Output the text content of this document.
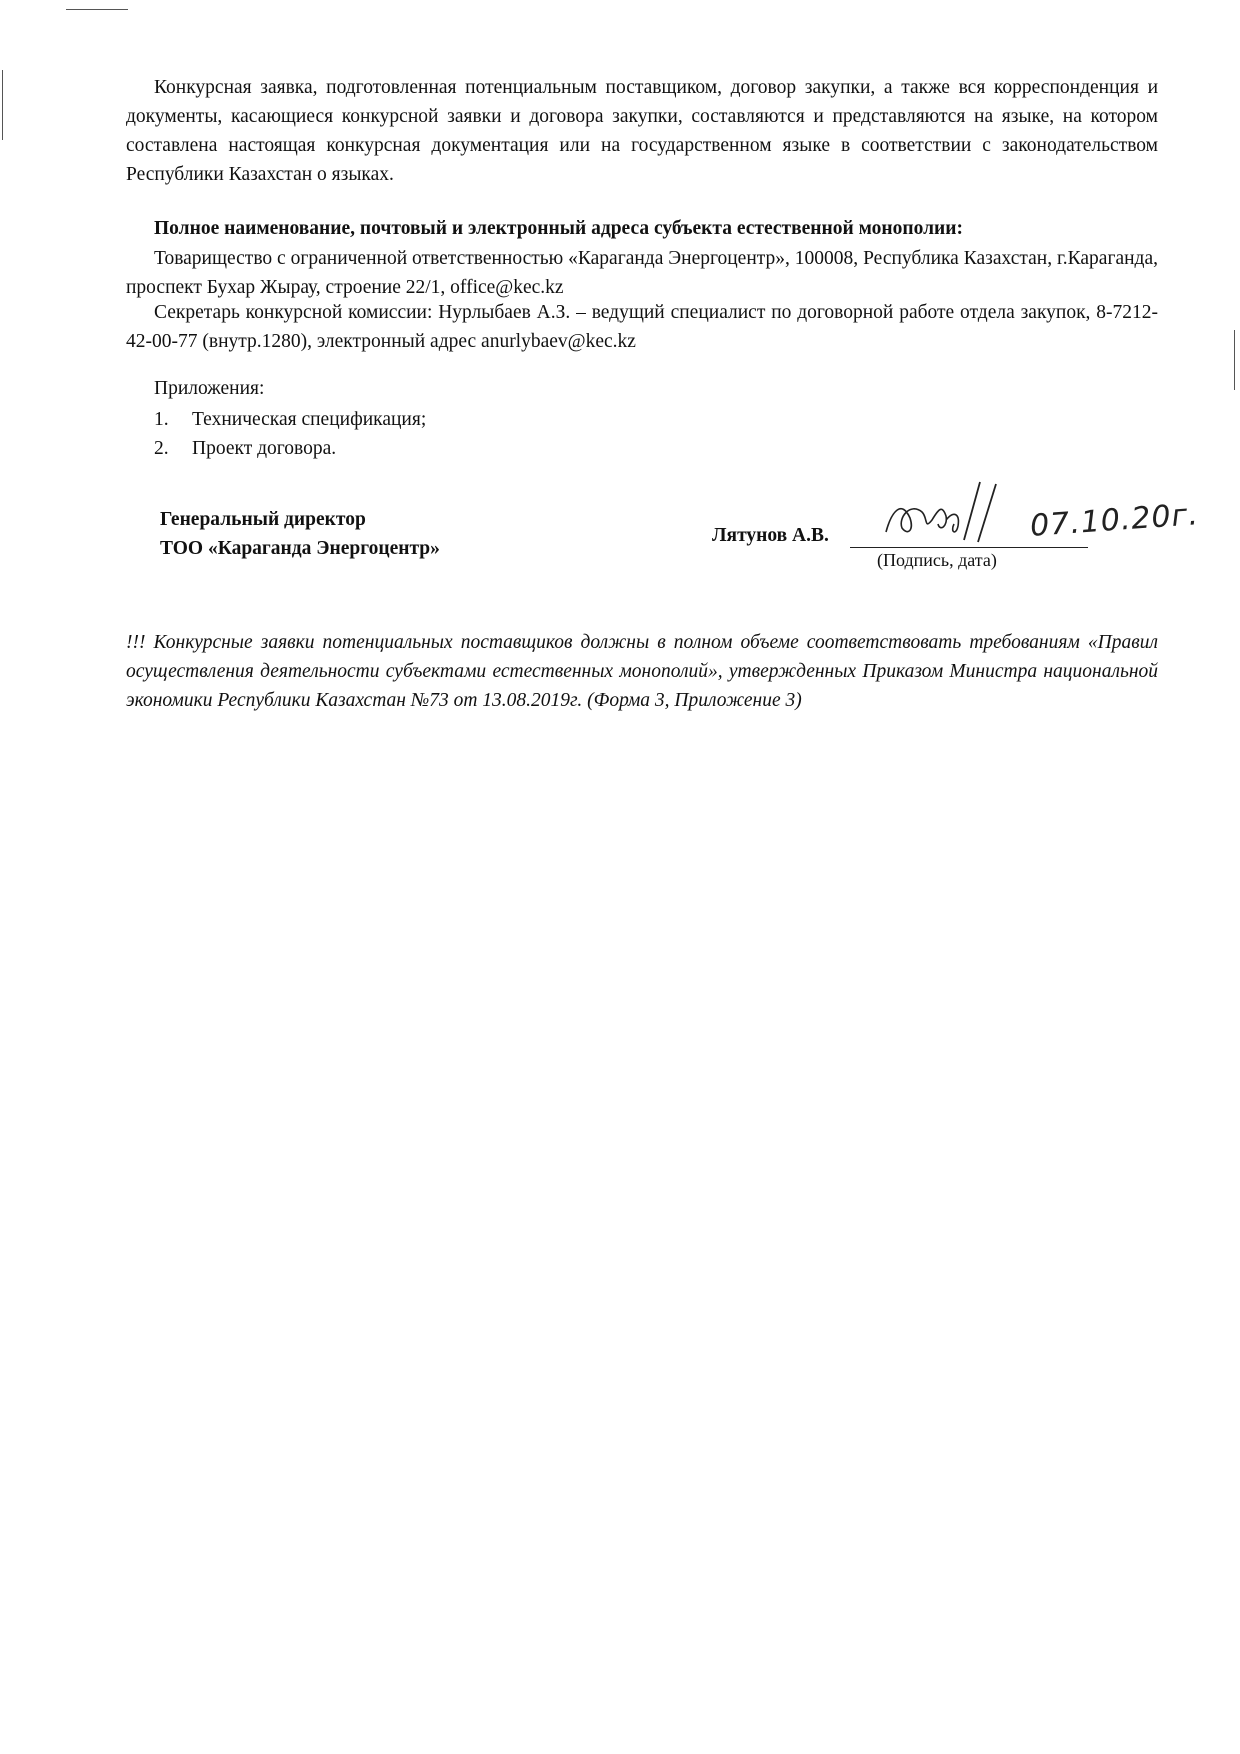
Конкурсная заявка, подготовленная потенциальным поставщиком, договор закупки, а также вся корреспонденция и документы, касающиеся конкурсной заявки и договора закупки, составляются и представляются на языке, на котором составлена настоящая конкурсная документация или на государственном языке в соответствии с законодательством Республики Казахстан о языках.

Полное наименование, почтовый и электронный адреса субъекта естественной монополии:

Товарищество с ограниченной ответственностью «Караганда Энергоцентр», 100008, Республика Казахстан, г.Караганда, проспект Бухар Жырау, строение 22/1, office@kec.kz

Секретарь конкурсной комиссии: Нурлыбаев А.З. – ведущий специалист по договорной работе отдела закупок, 8-7212-42-00-77 (внутр.1280), электронный адрес anurlybaev@kec.kz

Приложения:

1. Техническая спецификация;
2. Проект договора.
Генеральный директор
ТОО «Караганда Энергоцентр»
Лятунов А.В.	07.10.20г.
(Подпись, дата)

!!! Конкурсные заявки потенциальных поставщиков должны в полном объеме соответствовать требованиям «Правил осуществления деятельности субъектами естественных монополий», утвержденных Приказом Министра национальной экономики Республики Казахстан №73 от 13.08.2019г. (Форма 3, Приложение 3)
